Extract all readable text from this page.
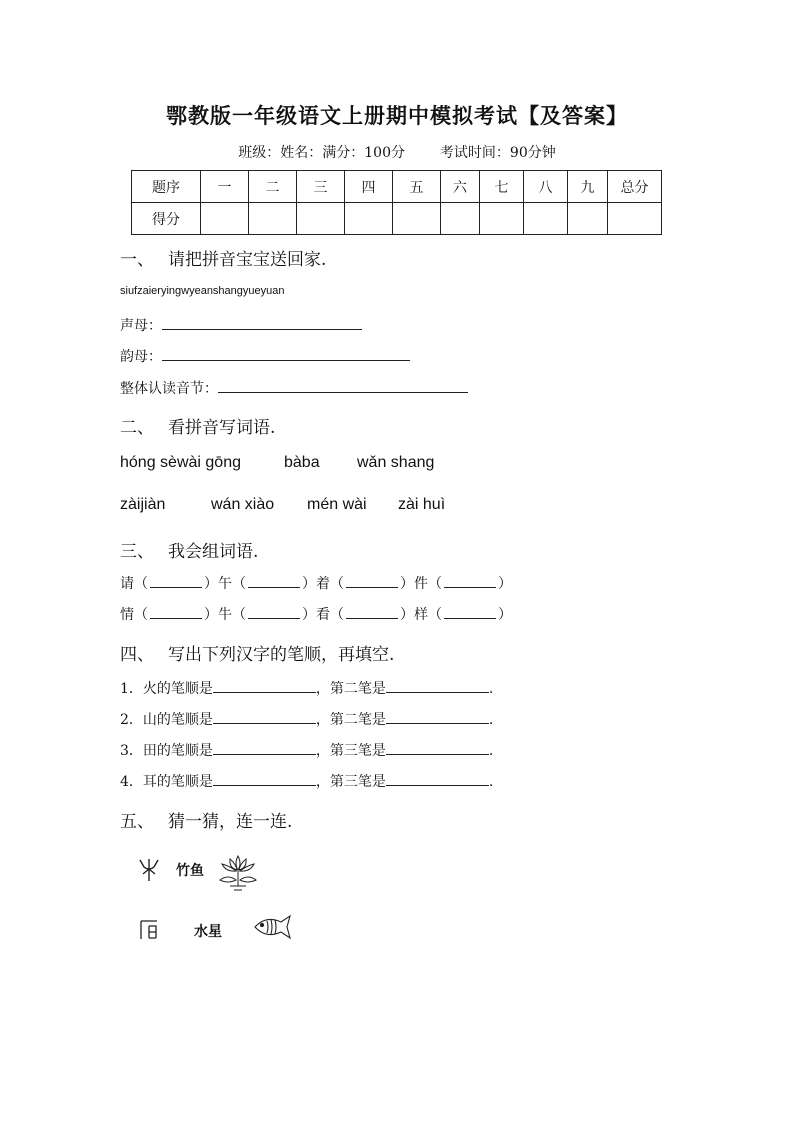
鄂教版一年级语文上册期中模拟考试【及答案】
班级：姓名：满分：100分 考试时间：90分钟
题序	一	二	三	四	五	六	七	八	九	总分
得分										
一、 请把拼音宝宝送回家.
siufzaieryingwyeanshangyueyuan
声母：
韵母：
整体认读音节：
二、 看拼音写词语.
hóng sèwài gōng	bàba wǎn shang
zàijiàn	wán xiào mén wài zài huì
三、 我会组词语.
请（	）午（	）着（	）件（	）
情（	）牛（	）看（	）样（	）
四、 写出下列汉字的笔顺，再填空.
1．火的笔顺是	，第二笔是	.
2．山的笔顺是	，第二笔是	.
3．田的笔顺是	，第三笔是	.
4．耳的笔顺是	，第三笔是	.
五、 猜一猜，连一连.
竹鱼
水星
